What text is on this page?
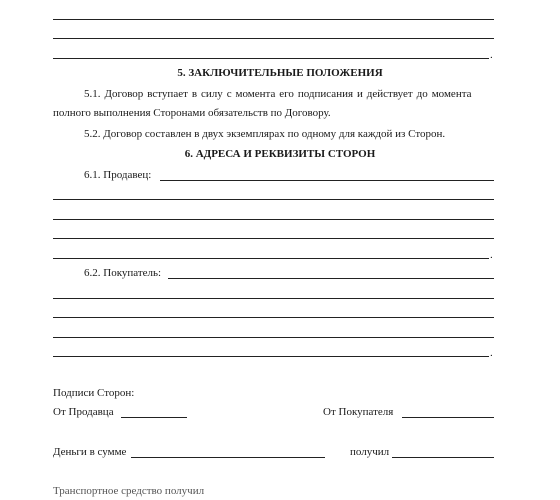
.
5. ЗАКЛЮЧИТЕЛЬНЫЕ ПОЛОЖЕНИЯ
5.1. Договор вступает в силу с момента его подписания и действует до момента
полного выполнения Сторонами обязательств по Договору.
5.2. Договор составлен в двух экземплярах по одному для каждой из Сторон.
6. АДРЕСА И РЕКВИЗИТЫ СТОРОН
6.1. Продавец:
.
6.2. Покупатель:
.
Подписи Сторон:
От Продавца	От Покупателя
Деньги в сумме	получил
Транспортное средство получил
